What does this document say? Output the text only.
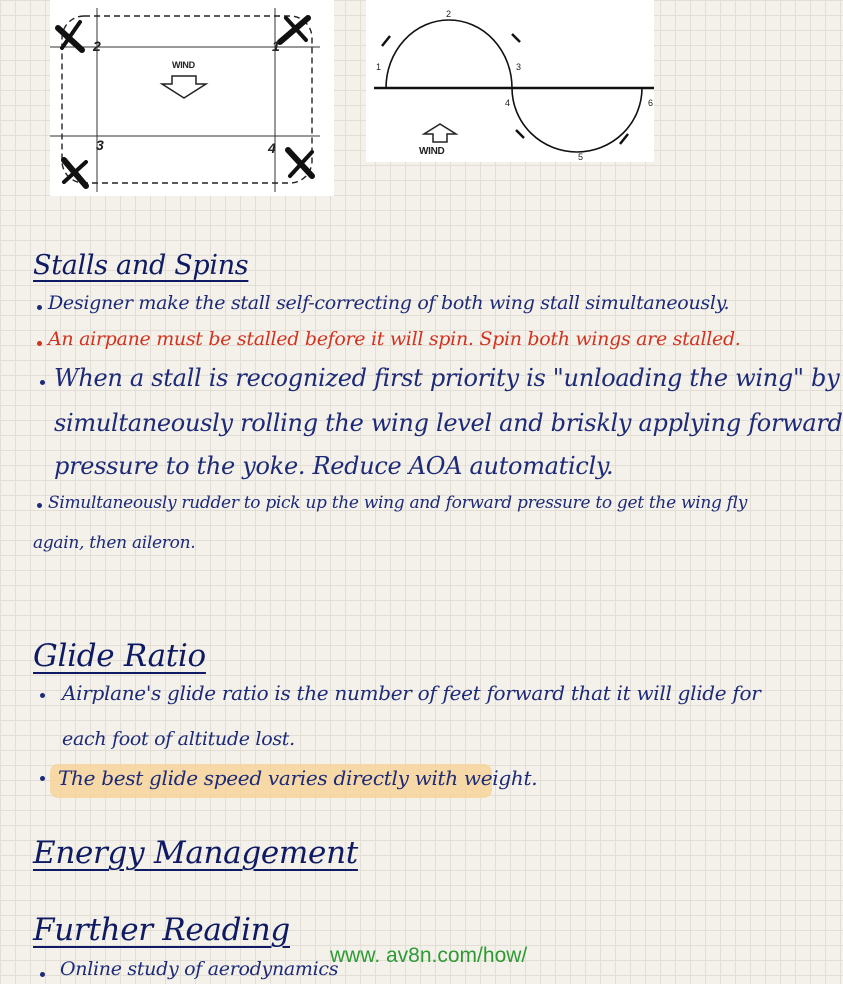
WIND
1
2
3	4	WIND
1
2
3
4
5
6
Stalls and Spins
Designer make the stall self-correcting of both wing stall simultaneously.
An airpane must be stalled before it will spin. Spin both wings are stalled.
When a stall is recognized first priority is "unloading the wing" by
simultaneously rolling the wing level and briskly applying forward
pressure to the yoke. Reduce AOA automaticly.
Simultaneously rudder to pick up the wing and forward pressure to get the wing fly
again, then aileron.
Glide Ratio
Airplane's glide ratio is the number of feet forward that it will glide for
each foot of altitude lost.
The best glide speed varies directly with weight.
Energy Management
Further Reading
Online study of aerodynamics
www. av8n.com/how/
